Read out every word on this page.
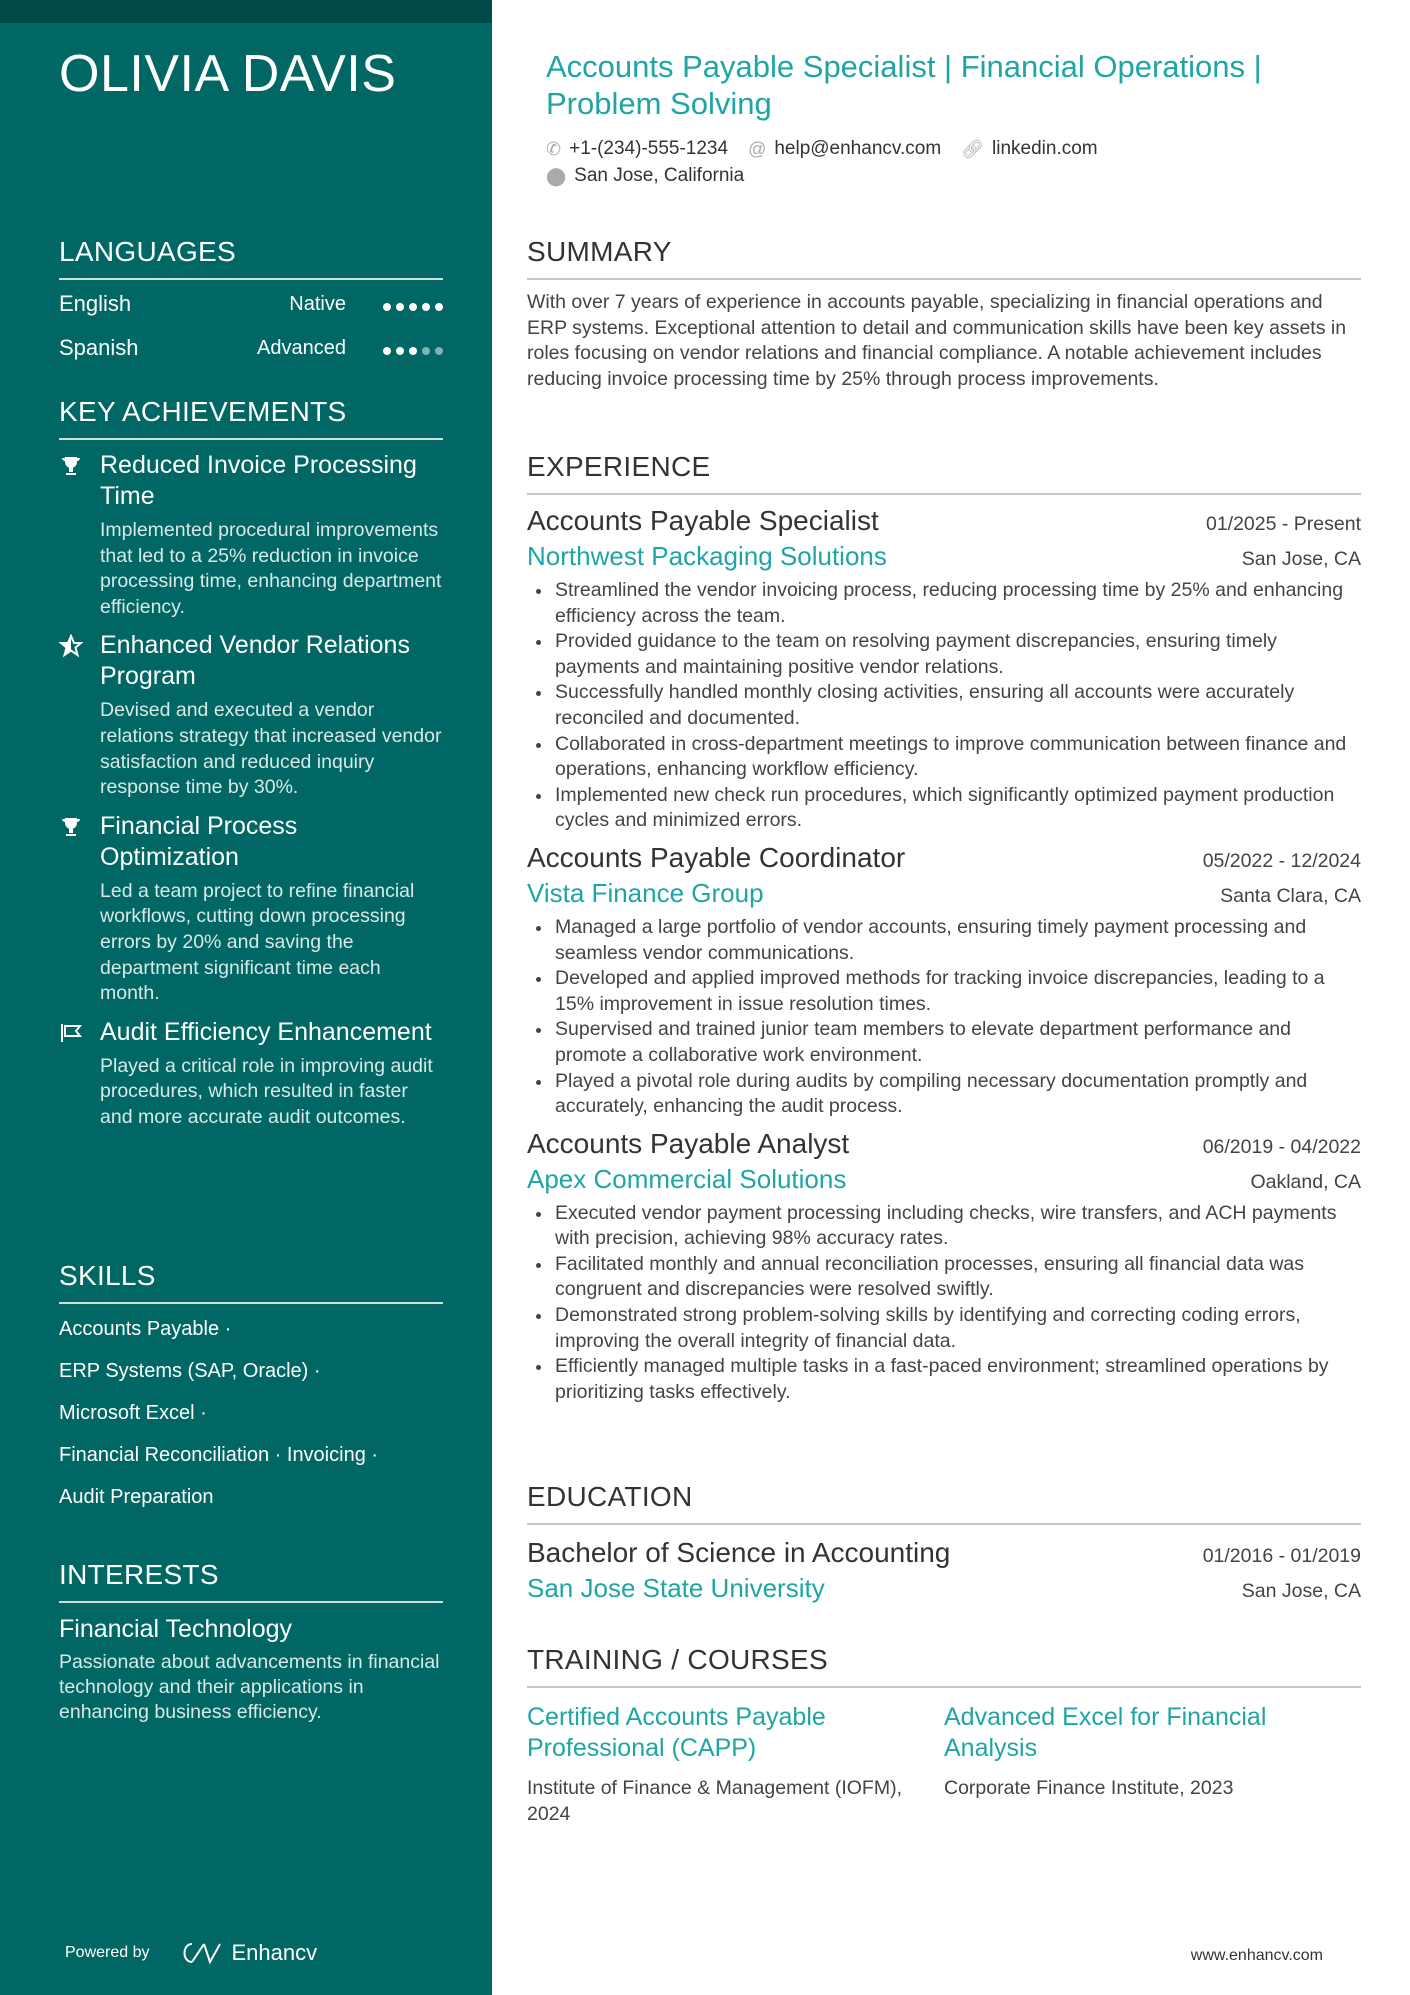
OLIVIA DAVIS
LANGUAGES
English	Native
Spanish	Advanced
KEY ACHIEVEMENTS
Reduced Invoice Processing Time
Implemented procedural improvements that led to a 25% reduction in invoice processing time, enhancing department efficiency.
Enhanced Vendor Relations Program
Devised and executed a vendor relations strategy that increased vendor satisfaction and reduced inquiry response time by 30%.
Financial Process Optimization
Led a team project to refine financial workflows, cutting down processing errors by 20% and saving the department significant time each month.
Audit Efficiency Enhancement
Played a critical role in improving audit procedures, which resulted in faster and more accurate audit outcomes.
SKILLS
Accounts Payable ·
ERP Systems (SAP, Oracle) ·
Microsoft Excel ·
Financial Reconciliation · Invoicing ·
Audit Preparation
INTERESTS
Financial Technology
Passionate about advancements in financial technology and their applications in enhancing business efficiency.
Powered by	Enhancv
Accounts Payable Specialist | Financial Operations | Problem Solving
✆ +1-(234)-555-1234 @ help@enhancv.com 🔗︎ linkedin.com
⬤ San Jose, California
SUMMARY
With over 7 years of experience in accounts payable, specializing in financial operations and ERP systems. Exceptional attention to detail and communication skills have been key assets in roles focusing on vendor relations and financial compliance. A notable achievement includes reducing invoice processing time by 25% through process improvements.
EXPERIENCE
Accounts Payable Specialist	01/2025 - Present
Northwest Packaging Solutions	San Jose, CA
Streamlined the vendor invoicing process, reducing processing time by 25% and enhancing efficiency across the team.
Provided guidance to the team on resolving payment discrepancies, ensuring timely payments and maintaining positive vendor relations.
Successfully handled monthly closing activities, ensuring all accounts were accurately reconciled and documented.
Collaborated in cross-department meetings to improve communication between finance and operations, enhancing workflow efficiency.
Implemented new check run procedures, which significantly optimized payment production cycles and minimized errors.
Accounts Payable Coordinator	05/2022 - 12/2024
Vista Finance Group	Santa Clara, CA
Managed a large portfolio of vendor accounts, ensuring timely payment processing and seamless vendor communications.
Developed and applied improved methods for tracking invoice discrepancies, leading to a 15% improvement in issue resolution times.
Supervised and trained junior team members to elevate department performance and promote a collaborative work environment.
Played a pivotal role during audits by compiling necessary documentation promptly and accurately, enhancing the audit process.
Accounts Payable Analyst	06/2019 - 04/2022
Apex Commercial Solutions	Oakland, CA
Executed vendor payment processing including checks, wire transfers, and ACH payments with precision, achieving 98% accuracy rates.
Facilitated monthly and annual reconciliation processes, ensuring all financial data was congruent and discrepancies were resolved swiftly.
Demonstrated strong problem-solving skills by identifying and correcting coding errors, improving the overall integrity of financial data.
Efficiently managed multiple tasks in a fast-paced environment; streamlined operations by prioritizing tasks effectively.
EDUCATION
Bachelor of Science in Accounting	01/2016 - 01/2019
San Jose State University	San Jose, CA
TRAINING / COURSES
Certified Accounts Payable Professional (CAPP)
Institute of Finance & Management (IOFM), 2024
Advanced Excel for Financial Analysis
Corporate Finance Institute, 2023
www.enhancv.com
